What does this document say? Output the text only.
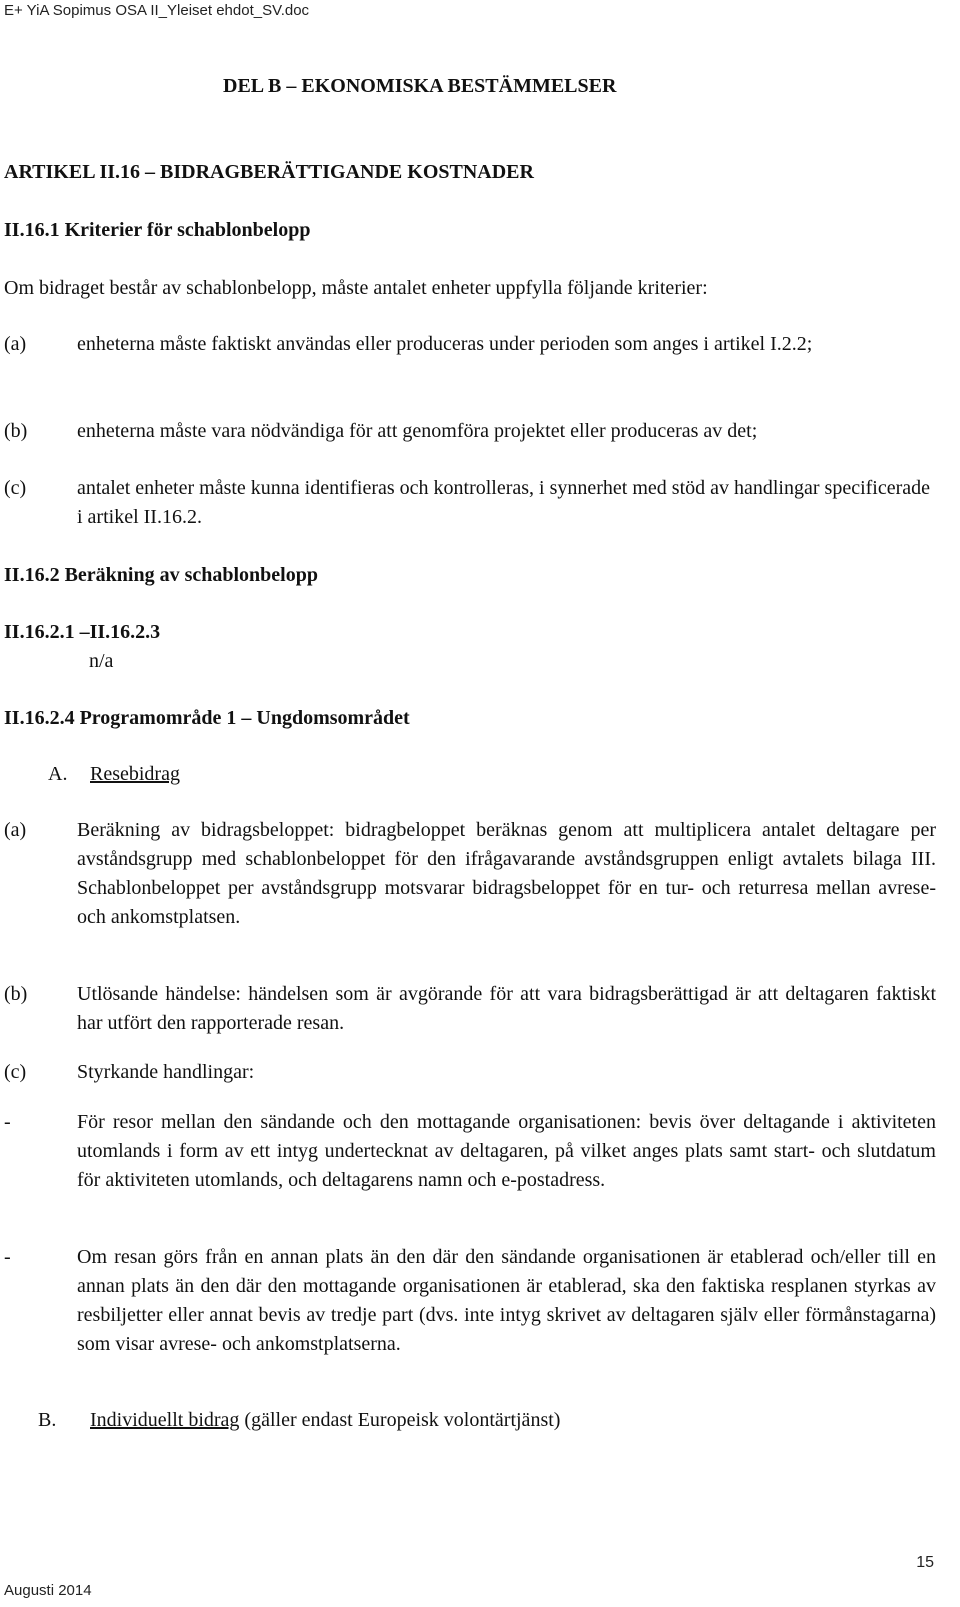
E+ YiA Sopimus OSA II_Yleiset ehdot_SV.doc
DEL B – EKONOMISKA BESTÄMMELSER
ARTIKEL II.16 – BIDRAGBERÄTTIGANDE KOSTNADER
II.16.1 Kriterier för schablonbelopp
Om bidraget består av schablonbelopp, måste antalet enheter uppfylla följande kriterier:
(a)	enheterna måste faktiskt användas eller produceras under perioden som anges i artikel I.2.2;
(b) enheterna måste vara nödvändiga för att genomföra projektet eller produceras av det;
(c)	antalet enheter måste kunna identifieras och kontrolleras, i synnerhet med stöd av handlingar specificerade i artikel II.16.2.
II.16.2 Beräkning av schablonbelopp
II.16.2.1 –II.16.2.3
n/a
II.16.2.4 Programområde 1 – Ungdomsområdet
A. Resebidrag
(a)	Beräkning av bidragsbeloppet: bidragbeloppet beräknas genom att multiplicera antalet deltagare per avståndsgrupp med schablonbeloppet för den ifrågavarande avståndsgruppen enligt avtalets bilaga III. Schablonbeloppet per avståndsgrupp motsvarar bidragsbeloppet för en tur- och returresa mellan avrese- och ankomstplatsen.
(b) Utlösande händelse: händelsen som är avgörande för att vara bidragsberättigad är att deltagaren faktiskt har utfört den rapporterade resan.
(c)	Styrkande handlingar:
-	För resor mellan den sändande och den mottagande organisationen: bevis över deltagande i aktiviteten utomlands i form av ett intyg undertecknat av deltagaren, på vilket anges plats samt start- och slutdatum för aktiviteten utomlands, och deltagarens namn och e-postadress.
-	Om resan görs från en annan plats än den där den sändande organisationen är etablerad och/eller till en annan plats än den där den mottagande organisationen är etablerad, ska den faktiska resplanen styrkas av resbiljetter eller annat bevis av tredje part (dvs. inte intyg skrivet av deltagaren själv eller förmånstagarna) som visar avrese- och ankomstplatserna.
B. Individuellt bidrag (gäller endast Europeisk volontärtjänst)
15
Augusti 2014
